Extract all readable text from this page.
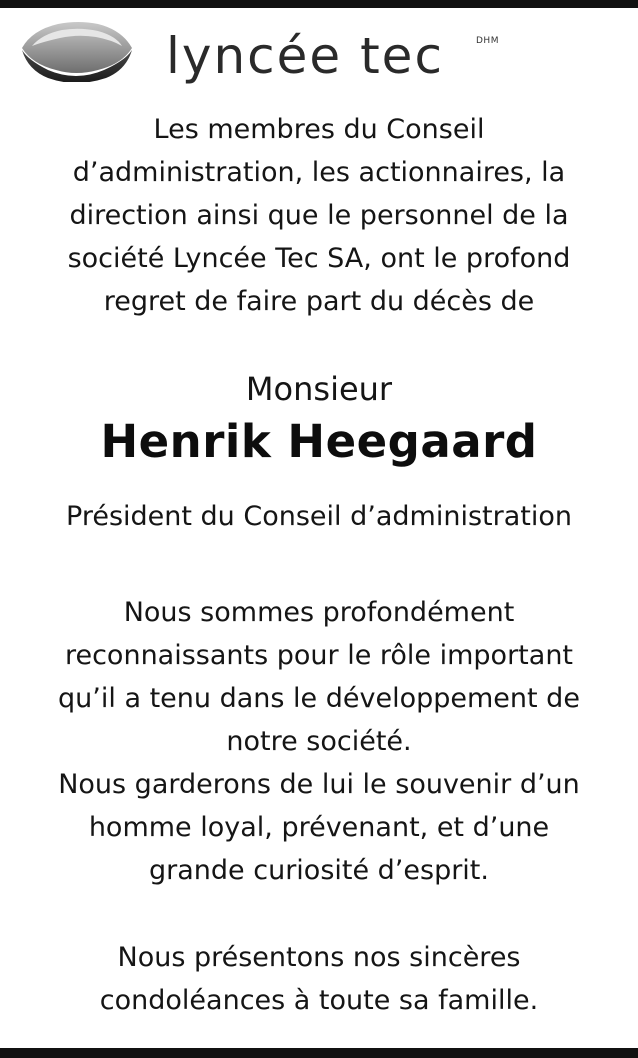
lyncée tec	DHM
Les membres du Conseil
d’administration, les actionnaires, la
direction ainsi que le personnel de la
société Lyncée Tec SA, ont le profond
regret de faire part du décès de
Monsieur
Henrik Heegaard
Président du Conseil d’administration
Nous sommes profondément
reconnaissants pour le rôle important
qu’il a tenu dans le développement de
notre société.
Nous garderons de lui le souvenir d’un
homme loyal, prévenant, et d’une
grande curiosité d’esprit.
Nous présentons nos sincères
condoléances à toute sa famille.
